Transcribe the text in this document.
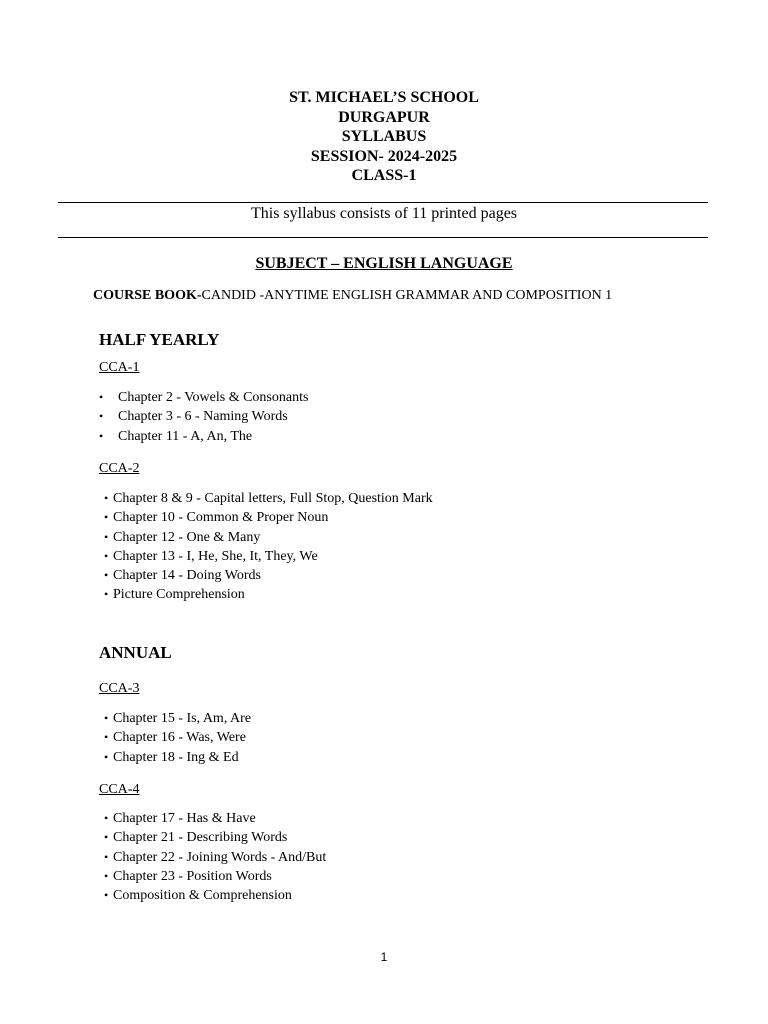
ST. MICHAEL’S SCHOOL
DURGAPUR
SYLLABUS
SESSION- 2024-2025
CLASS-1
This syllabus consists of 11 printed pages
SUBJECT – ENGLISH LANGUAGE
COURSE BOOK-CANDID -ANYTIME ENGLISH GRAMMAR AND COMPOSITION 1
HALF YEARLY
CCA-1
• Chapter 2 - Vowels & Consonants
• Chapter 3 - 6 - Naming Words
• Chapter 11 - A, An, The
CCA-2
• Chapter 8 & 9 - Capital letters, Full Stop, Question Mark
• Chapter 10 - Common & Proper Noun
• Chapter 12 - One & Many
• Chapter 13 - I, He, She, It, They, We
• Chapter 14 - Doing Words
• Picture Comprehension
ANNUAL
CCA-3
• Chapter 15 - Is, Am, Are
• Chapter 16 - Was, Were
• Chapter 18 - Ing & Ed
CCA-4
• Chapter 17 - Has & Have
• Chapter 21 - Describing Words
• Chapter 22 - Joining Words - And/But
• Chapter 23 - Position Words
• Composition & Comprehension
1
